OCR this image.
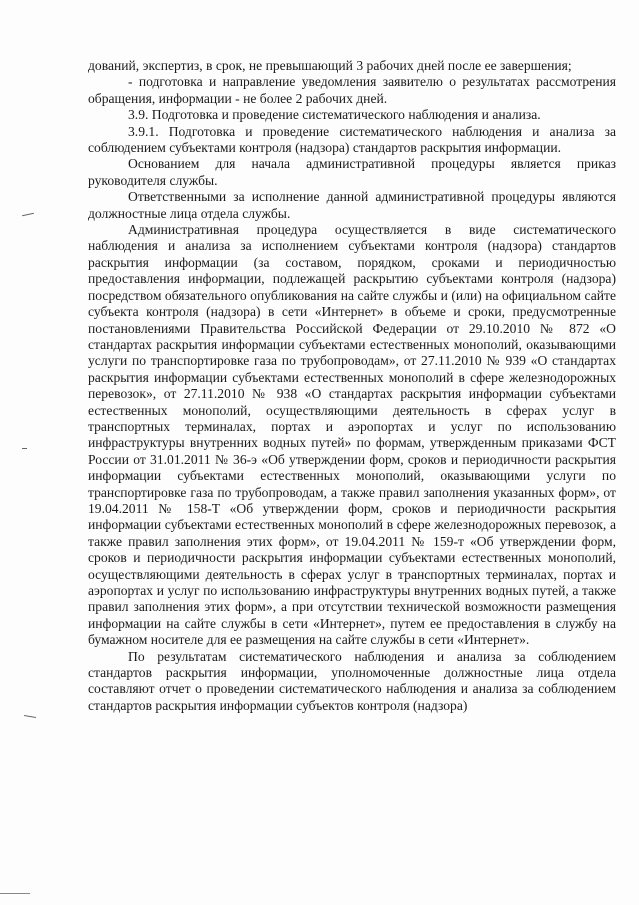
дований, экспертиз, в срок, не превышающий 3 рабочих дней после ее завершения;

- подготовка и направление уведомления заявителю о результатах рассмотрения обращения, информации - не более 2 рабочих дней.

3.9. Подготовка и проведение систематического наблюдения и анализа.

3.9.1. Подготовка и проведение систематического наблюдения и анализа за соблюдением субъектами контроля (надзора) стандартов раскрытия информации.

Основанием для начала административной процедуры является приказ руководителя службы.

Ответственными за исполнение данной административной процедуры являются должностные лица отдела службы.

Административная процедура осуществляется в виде систематического наблюдения и анализа за исполнением субъектами контроля (надзора) стандартов раскрытия информации (за составом, порядком, сроками и периодичностью предоставления информации, подлежащей раскрытию субъектами контроля (надзора) посредством обязательного опубликования на сайте службы и (или) на официальном сайте субъекта контроля (надзора) в сети «Интернет» в объеме и сроки, предусмотренные постановлениями Правительства Российской Федерации от 29.10.2010 № 872 «О стандартах раскрытия информации субъектами естественных монополий, оказывающими услуги по транспортировке газа по трубопроводам», от 27.11.2010 № 939 «О стандартах раскрытия информации субъектами естественных монополий в сфере железнодорожных перевозок», от 27.11.2010 № 938 «О стандартах раскрытия информации субъектами естественных монополий, осуществляющими деятельность в сферах услуг в транспортных терминалах, портах и аэропортах и услуг по использованию инфраструктуры внутренних водных путей» по формам, утвержденным приказами ФСТ России от 31.01.2011 № 36-э «Об утверждении форм, сроков и периодичности раскрытия информации субъектами естественных монополий, оказывающими услуги по транспортировке газа по трубопроводам, а также правил заполнения указанных форм», от 19.04.2011 № 158-Т «Об утверждении форм, сроков и периодичности раскрытия информации субъектами естественных монополий в сфере железнодорожных перевозок, а также правил заполнения этих форм», от 19.04.2011 № 159-т «Об утверждении форм, сроков и периодичности раскрытия информации субъектами естественных монополий, осуществляющими деятельность в сферах услуг в транспортных терминалах, портах и аэропортах и услуг по использованию инфраструктуры внутренних водных путей, а также правил заполнения этих форм», а при отсутствии технической возможности размещения информации на сайте службы в сети «Интернет», путем ее предоставления в службу на бумажном носителе для ее размещения на сайте службы в сети «Интернет».

По результатам систематического наблюдения и анализа за соблюдением стандартов раскрытия информации, уполномоченные должностные лица отдела составляют отчет о проведении систематического наблюдения и анализа за соблюдением стандартов раскрытия информации субъектов контроля (надзора)
